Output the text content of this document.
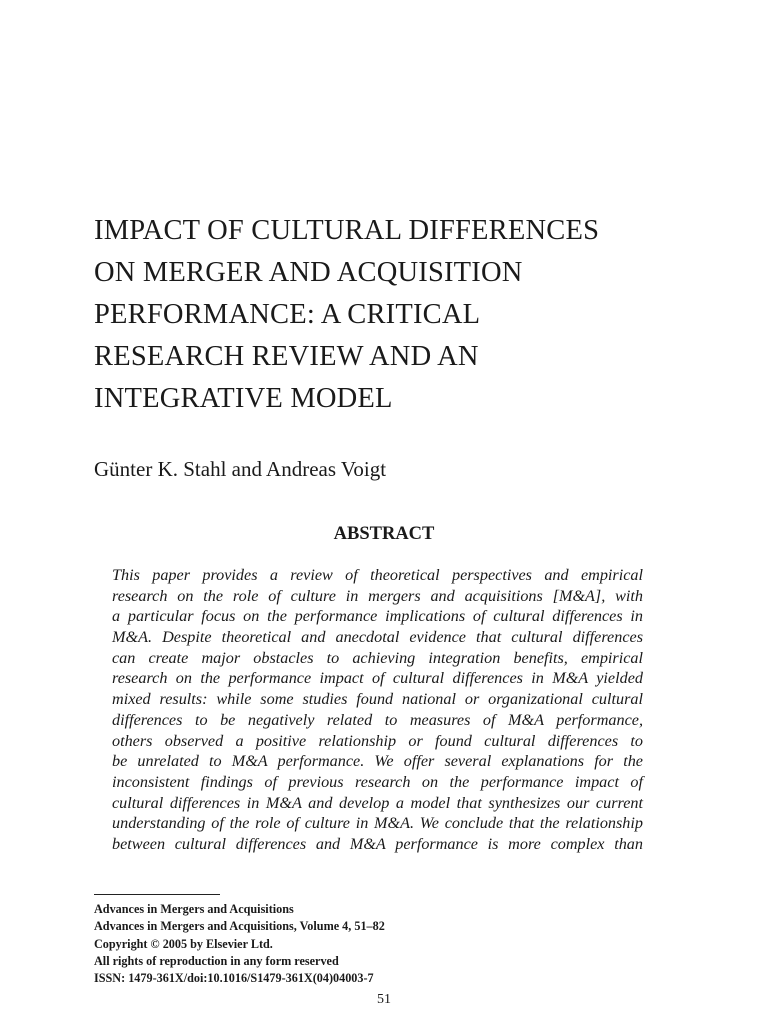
IMPACT OF CULTURAL DIFFERENCES
ON MERGER AND ACQUISITION
PERFORMANCE: A CRITICAL
RESEARCH REVIEW AND AN
INTEGRATIVE MODEL
Günter K. Stahl and Andreas Voigt
ABSTRACT
This paper provides a review of theoretical perspectives and empirical
research on the role of culture in mergers and acquisitions [M&A], with
a particular focus on the performance implications of cultural differences in
M&A. Despite theoretical and anecdotal evidence that cultural differences
can create major obstacles to achieving integration benefits, empirical
research on the performance impact of cultural differences in M&A yielded
mixed results: while some studies found national or organizational cultural
differences to be negatively related to measures of M&A performance,
others observed a positive relationship or found cultural differences to
be unrelated to M&A performance. We offer several explanations for the
inconsistent findings of previous research on the performance impact of
cultural differences in M&A and develop a model that synthesizes our current
understanding of the role of culture in M&A. We conclude that the relationship
between cultural differences and M&A performance is more complex than
Advances in Mergers and Acquisitions
Advances in Mergers and Acquisitions, Volume 4, 51–82
Copyright © 2005 by Elsevier Ltd.
All rights of reproduction in any form reserved
ISSN: 1479-361X/doi:10.1016/S1479-361X(04)04003-7
51
